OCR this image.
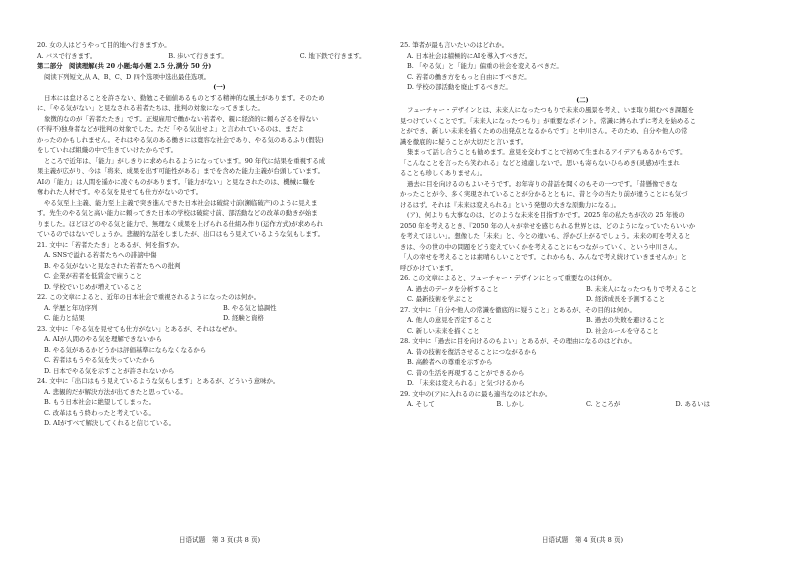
20. 女の人はどうやって目的地へ行きますか。

A. バスで行きます。	B. 歩いて行きます。	C. 地下鉄で行きます。

第二部分　阅读理解(共 20 小题;每小题 2.5 分,满分 50 分)

阅读下列短文,从 A、B、C、D 四个选项中选出最佳选项。

(一)

日本には怠けることを許さない、勤勉こそ価値あるものとする精神的な風土があります。そのため

に、「やる気がない」と見なされる若者たちは、批判の対象になってきました。

象徴的なのが「若者たたき」です。正規雇用で働かない若者や、親に経済的に頼らざるを得ない

(不得不)独身者などが批判の対象でした。ただ「やる気出せよ」と言われているのは、まだよ

かったのかもしれません。それはやる気のある働きには寛容な社会であり、やる気のあるふり(假装)

をしていれば組織の中で生きていけたからです。

ところで近年は、「能力」がしきりに求められるようになっています。90 年代に結果を重視する成

果主義が広がり、今は「将来、成果を出す可能性がある」までを含めた能力主義が台頭しています。

AIの「能力」は人間を遥かに凌ぐものがあります。「能力がない」と見なされたのは、機械に職を

奪われた人材です。やる気を見せても仕方がないのです。

やる気至上主義、能力至上主義で突き進んできた日本社会は破綻寸前(瀕临破产)のように見えま

す。先生のやる気と高い能力に頼ってきた日本の学校は破綻寸前、部活動などの改革の動きが始ま

りました。ほどほどのやる気と能力で、無理なく成果を上げられる仕組み作り(运作方式)が求められ

ているのではないでしょうか。悲観的な話をしましたが、出口はもう見えているような気もします。

21. 文中に「若者たたき」とあるが、何を指すか。

A. SNSで溢れる若者たちへの誹謗中傷

B. やる気がないと見なされた若者たちへの批判

C. 企業が若者を低賃金で雇うこと

D. 学校でいじめが増えていること

22. この文章によると、近年の日本社会で重視されるようになったのは何か。

A. 学歴と年功序列	B. やる気と協調性
C. 能力と結果	D. 経験と資格

23. 文中に「やる気を見せても仕方がない」とあるが、それはなぜか。

A. AIが人間のやる気を理解できないから

B. やる気があるかどうかは評価基準にならなくなるから

C. 若者はもうやる気を失っていたから

D. 日本でやる気を示すことが許されないから

24. 文中に「出口はもう見えているような気もします」とあるが、どういう意味か。

A. 悲観的だが解決方法が出てきたと思っている。

B. もう日本社会に絶望してしまった。

C. 改革はもう終わったと考えている。

D. AIがすべて解決してくれると信じている。

25. 筆者が最も言いたいのはどれか。

A. 日本社会は積極的にAIを導入すべきだ。

B. 「やる気」と「能力」偏重の社会を変えるべきだ。

C. 若者の働き方をもっと自由にすべきだ。

D. 学校の部活動を廃止するべきだ。

(二)

フューチャー・デザインとは、未来人になったつもりで未来の風景を考え、いま取り組むべき課題を

見つけていくことです。「未来人になったつもり」が重要なポイント。常識に縛られずに考えを始めるこ

とができ、新しい未来を描くための出発点となるからです」と中川さん。そのため、自分や他人の常

識を徹底的に疑うことが大切だと言います。

集まって話し合うことも勧めます。意見を交わすことで初めて生まれるアイデアもあるからです。

「こんなことを言ったら笑われる」などと遠慮しないで。思いも寄らないひらめき(灵感)が生まれ

ることも珍しくありません」。

過去に目を向けるのもよいそうです。お年寄りの昔話を聞くのもその一つです。「昔懸像できな

かったことが今、多く実現されていることが分かるとともに、昔と今の当たり前が違うことにも気づ

けるはず。それは『未来は変えられる』という発想の大きな原動力になる」。

(ア)、何よりも大事なのは、どのような未来を目指すかです。2025 年の私たちが次の 25 年後の

2050 年を考えるとき、『2050 年の人々が幸せを感じられる世界とは、どのようになっていたらいいか

を考えてほしい」。想像した「未来」と、今との違いも、浮かび上がるでしょう。未来の町を考えると

きは、今の世の中の問題をどう変えていくかを考えることにもつながっていく、という中川さん。

「人の幸せを考えることは素晴らしいことです。これからも、みんなで考え続けていきませんか」と

呼びかけています。

26. この文章によると、フューチャー・デザインにとって重要なのは何か。

A. 過去のデータを分析すること	B. 未来人になったつもりで考えること
C. 最新技術を学ぶこと	D. 経済成長を予測すること

27. 文中に「自分や他人の常識を徹底的に疑うこと」とあるが、その目的は何か。

A. 他人の意見を否定すること	B. 過去の失敗を避けること
C. 新しい未来を描くこと	D. 社会ルールを守ること

28. 文中に「過去に目を向けるのもよい」とあるが、その理由になるのはどれか。

A. 昔の技術を復活させることにつながるから

B. 高齢者への尊重を示すから

C. 昔の生活を再現することができるから

D. 「未来は変えられる」と気づけるから

29. 文中の(ア)に入れるのに最も適当なのはどれか。

A. そして	B. しかし	C. ところが	D. あるいは
日语试题　第 3 页(共 8 页)	日语试题　第 4 页(共 8 页)
